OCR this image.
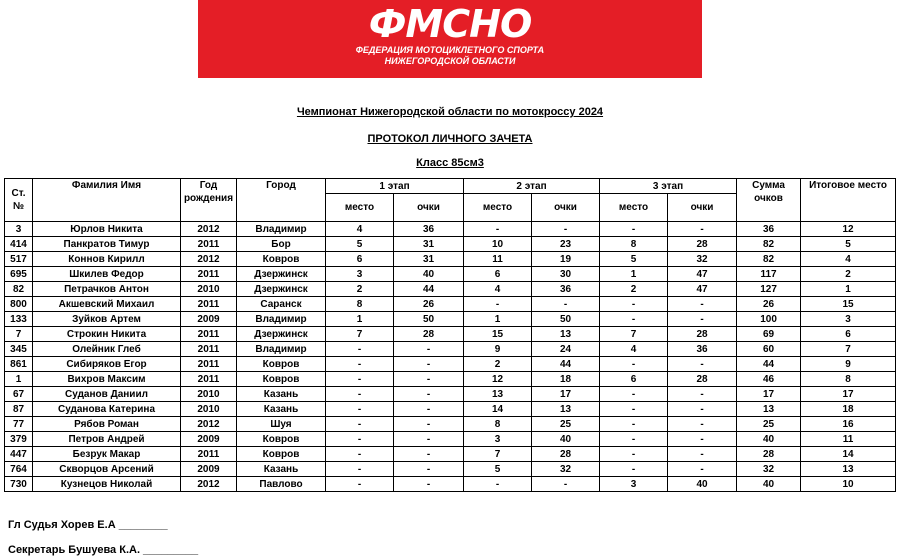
ФМСНО
ФЕДЕРАЦИЯ МОТОЦИКЛЕТНОГО СПОРТА
НИЖЕГОРОДСКОЙ ОБЛАСТИ
Чемпионат Нижегородской области по мотокроссу 2024
ПРОТОКОЛ ЛИЧНОГО ЗАЧЕТА
Класс 85см3
Ст. №	Фамилия Имя	Год рождения	Город	1 этап		2 этап		3 этап		Сумма очков	Итоговое место
				место	очки	место	очки	место	очки		
3	Юрлов Никита	2012	Владимир	4	36	-	-	-	-	36	12
414	Панкратов Тимур	2011	Бор	5	31	10	23	8	28	82	5
517	Коннов Кирилл	2012	Ковров	6	31	11	19	5	32	82	4
695	Шкилев Федор	2011	Дзержинск	3	40	6	30	1	47	117	2
82	Петрачков Антон	2010	Дзержинск	2	44	4	36	2	47	127	1
800	Акшевский Михаил	2011	Саранск	8	26	-	-	-	-	26	15
133	Зуйков Артем	2009	Владимир	1	50	1	50	-	-	100	3
7	Строкин Никита	2011	Дзержинск	7	28	15	13	7	28	69	6
345	Олейник Глеб	2011	Владимир	-	-	9	24	4	36	60	7
861	Сибиряков Егор	2011	Ковров	-	-	2	44	-	-	44	9
1	Вихров Максим	2011	Ковров	-	-	12	18	6	28	46	8
67	Суданов Даниил	2010	Казань	-	-	13	17	-	-	17	17
87	Суданова Катерина	2010	Казань	-	-	14	13	-	-	13	18
77	Рябов Роман	2012	Шуя	-	-	8	25	-	-	25	16
379	Петров Андрей	2009	Ковров	-	-	3	40	-	-	40	11
447	Безрук Макар	2011	Ковров	-	-	7	28	-	-	28	14
764	Скворцов Арсений	2009	Казань	-	-	5	32	-	-	32	13
730	Кузнецов Николай	2012	Павлово	-	-	-	-	3	40	40	10
Гл Судья Хорев Е.А ________
Секретарь Бушуева К.А. _________
